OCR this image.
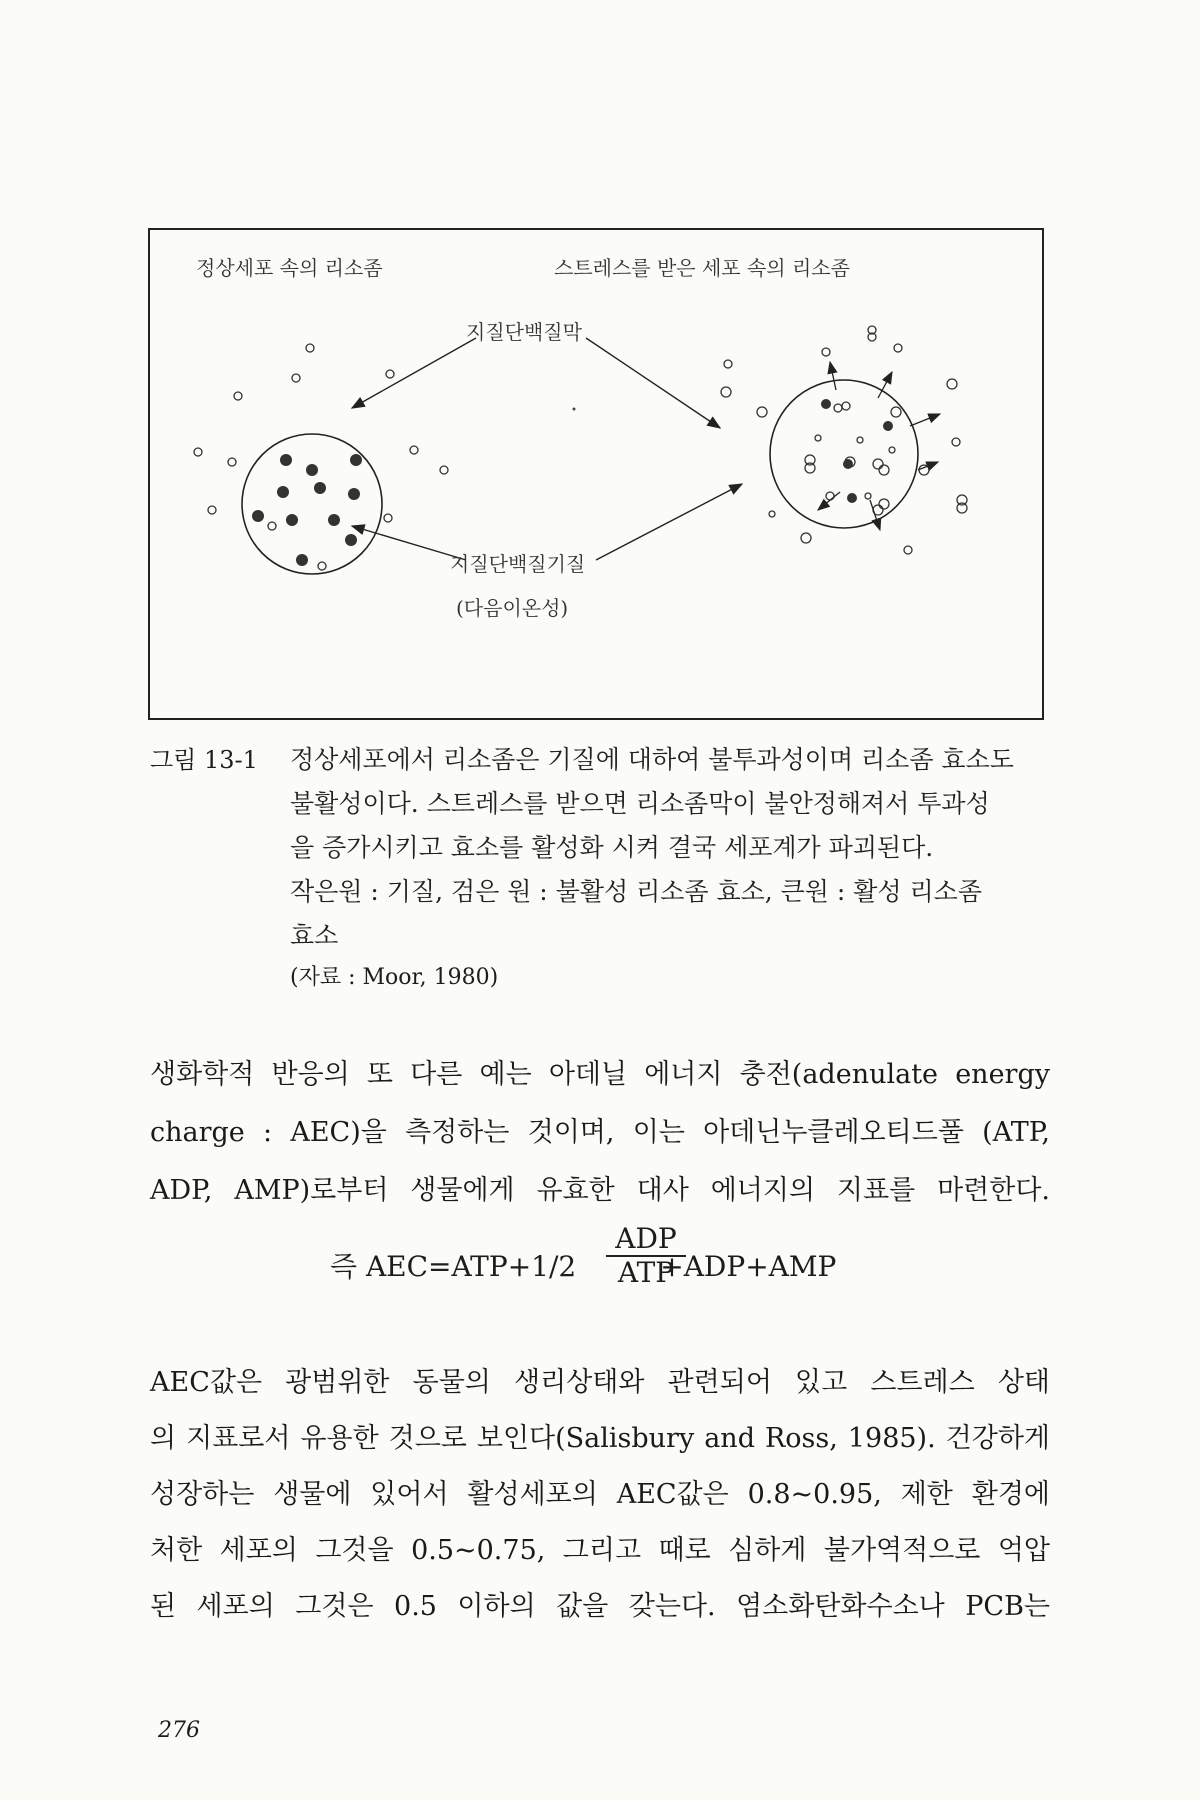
정상세포 속의 리소좀	스트레스를 받은 세포 속의 리소좀
지질단백질막
지질단백질기질
(다음이온성)
그림 13-1 정상세포에서 리소좀은 기질에 대하여 불투과성이며 리소좀 효소도
불활성이다. 스트레스를 받으면 리소좀막이 불안정해져서 투과성
을 증가시키고 효소를 활성화 시켜 결국 세포계가 파괴된다.
작은원 : 기질, 검은 원 : 불활성 리소좀 효소, 큰원 : 활성 리소좀
효소
(자료 : Moor, 1980)
생화학적 반응의 또 다른 예는 아데닐 에너지 충전(adenulate energy
charge : AEC)을 측정하는 것이며, 이는 아데닌누클레오티드풀 (ATP,
ADP, AMP)로부터 생물에게 유효한 대사 에너지의 지표를 마련한다.
즉 AEC=ATP+1/2	+ADP+AMP
ADP
ATP
AEC값은 광범위한 동물의 생리상태와 관련되어 있고 스트레스 상태
의 지표로서 유용한 것으로 보인다(Salisbury and Ross, 1985). 건강하게
성장하는 생물에 있어서 활성세포의 AEC값은 0.8~0.95, 제한 환경에
처한 세포의 그것을 0.5~0.75, 그리고 때로 심하게 불가역적으로 억압
된 세포의 그것은 0.5 이하의 값을 갖는다. 염소화탄화수소나 PCB는
276
